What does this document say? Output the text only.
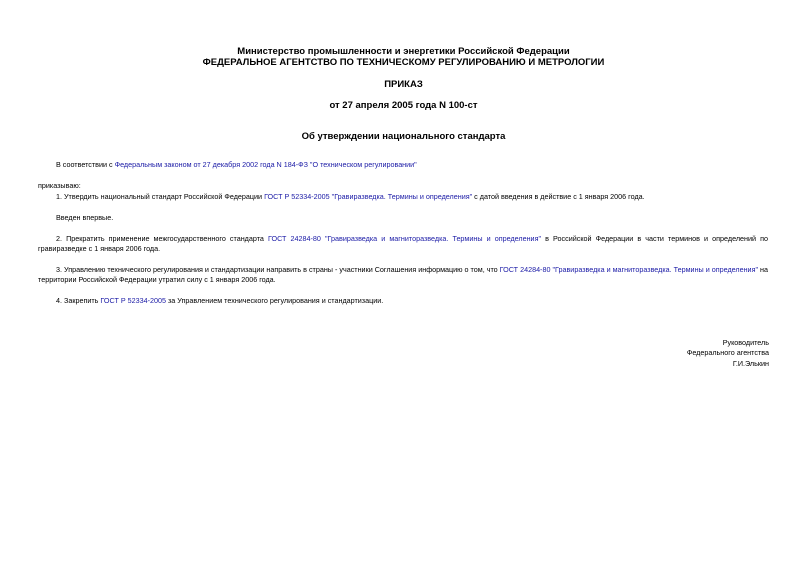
Министерство промышленности и энергетики Российской Федерации
ФЕДЕРАЛЬНОЕ АГЕНТСТВО ПО ТЕХНИЧЕСКОМУ РЕГУЛИРОВАНИЮ И МЕТРОЛОГИИ
ПРИКАЗ
от 27 апреля 2005 года N 100-ст
Об утверждении национального стандарта
В соответствии с Федеральным законом от 27 декабря 2002 года N 184-ФЗ "О техническом регулировании"
приказываю:
1. Утвердить национальный стандарт Российской Федерации ГОСТ Р 52334-2005 "Гравиразведка. Термины и определения" с датой введения в действие с 1 января 2006 года.
Введен впервые.
2. Прекратить применение межгосударственного стандарта ГОСТ 24284-80 "Гравиразведка и магниторазведка. Термины и определения" в Российской Федерации в части терминов и определений по гравиразведке с 1 января 2006 года.
3. Управлению технического регулирования и стандартизации направить в страны - участники Соглашения информацию о том, что ГОСТ 24284-80 "Гравиразведка и магниторазведка. Термины и определения" на территории Российской Федерации утратил силу с 1 января 2006 года.
4. Закрепить ГОСТ Р 52334-2005 за Управлением технического регулирования и стандартизации.
Руководитель
Федерального агентства
Г.И.Элькин
